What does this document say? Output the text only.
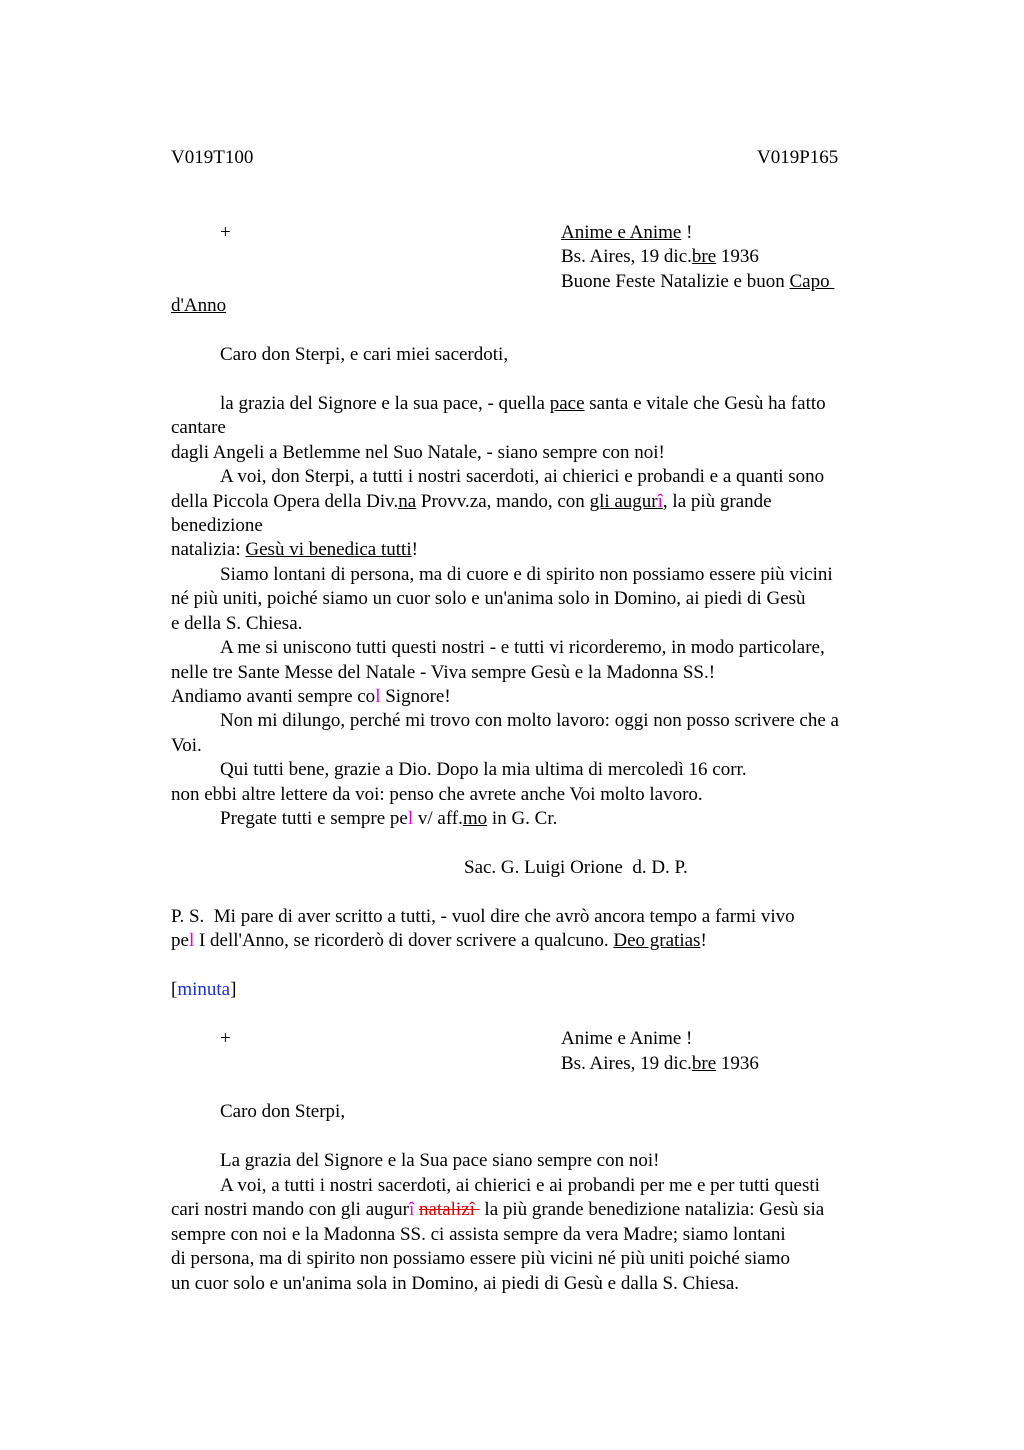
V019T100	V019P165
+	Anime e Anime !
Bs. Aires, 19 dic.bre 1936
Buone Feste Natalizie e buon Capo
d'Anno
Caro don Sterpi, e cari miei sacerdoti,
la grazia del Signore e la sua pace, - quella pace santa e vitale che Gesù ha fatto
cantare
dagli Angeli a Betlemme nel Suo Natale, - siano sempre con noi!
A voi, don Sterpi, a tutti i nostri sacerdoti, ai chierici e probandi e a quanti sono
della Piccola Opera della Div.na Provv.za, mando, con gli augurî, la più grande
benedizione
natalizia: Gesù vi benedica tutti!
Siamo lontani di persona, ma di cuore e di spirito non possiamo essere più vicini
né più uniti, poiché siamo un cuor solo e un'anima solo in Domino, ai piedi di Gesù
e della S. Chiesa.
A me si uniscono tutti questi nostri - e tutti vi ricorderemo, in modo particolare,
nelle tre Sante Messe del Natale - Viva sempre Gesù e la Madonna SS.!
Andiamo avanti sempre col Signore!
Non mi dilungo, perché mi trovo con molto lavoro: oggi non posso scrivere che a
Voi.
Qui tutti bene, grazie a Dio. Dopo la mia ultima di mercoledì 16 corr.
non ebbi altre lettere da voi: penso che avrete anche Voi molto lavoro.
Pregate tutti e sempre pel v/ aff.mo in G. Cr.
Sac. G. Luigi Orione  d. D. P.
P. S.  Mi pare di aver scritto a tutti, - vuol dire che avrò ancora tempo a farmi vivo
pel I dell'Anno, se ricorderò di dover scrivere a qualcuno. Deo gratias!
[minuta]
+	Anime e Anime !
Bs. Aires, 19 dic.bre 1936
Caro don Sterpi,
La grazia del Signore e la Sua pace siano sempre con noi!
A voi, a tutti i nostri sacerdoti, ai chierici e ai probandi per me e per tutti questi
cari nostri mando con gli augurî natalizî  la più grande benedizione natalizia: Gesù sia
sempre con noi e la Madonna SS. ci assista sempre da vera Madre; siamo lontani
di persona, ma di spirito non possiamo essere più vicini né più uniti poiché siamo
un cuor solo e un'anima sola in Domino, ai piedi di Gesù e dalla S. Chiesa.
